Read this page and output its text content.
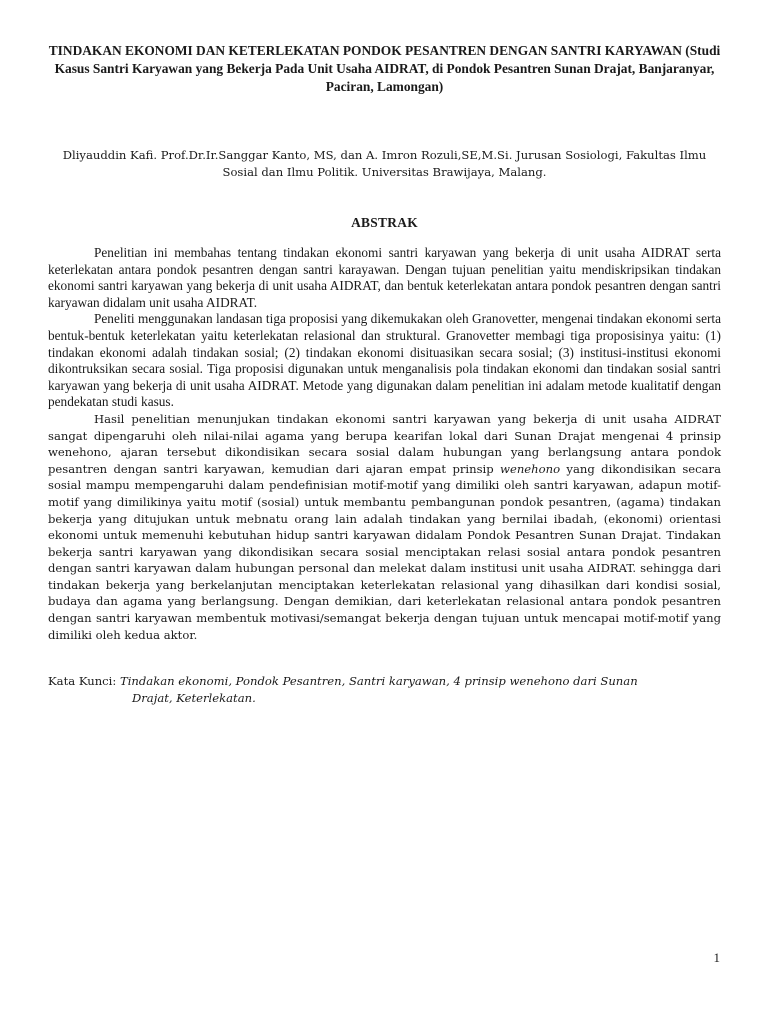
TINDAKAN EKONOMI DAN KETERLEKATAN PONDOK PESANTREN DENGAN SANTRI KARYAWAN (Studi Kasus Santri Karyawan yang Bekerja Pada Unit Usaha AIDRAT, di Pondok Pesantren Sunan Drajat, Banjaranyar, Paciran, Lamongan)

Dliyauddin Kafi. Prof.Dr.Ir.Sanggar Kanto, MS, dan A. Imron Rozuli,SE,M.Si. Jurusan Sosiologi, Fakultas Ilmu Sosial dan Ilmu Politik. Universitas Brawijaya, Malang.

ABSTRAK

Penelitian ini membahas tentang tindakan ekonomi santri karyawan yang bekerja di unit usaha AIDRAT serta keterlekatan antara pondok pesantren dengan santri karayawan. Dengan tujuan penelitian yaitu mendiskripsikan tindakan ekonomi santri karyawan yang bekerja di unit usaha AIDRAT, dan bentuk keterlekatan antara pondok pesantren dengan santri karyawan didalam unit usaha AIDRAT.

Peneliti menggunakan landasan tiga proposisi yang dikemukakan oleh Granovetter, mengenai tindakan ekonomi serta bentuk-bentuk keterlekatan yaitu keterlekatan relasional dan struktural. Granovetter membagi tiga proposisinya yaitu: (1) tindakan ekonomi adalah tindakan sosial; (2) tindakan ekonomi disituasikan secara sosial; (3) institusi-institusi ekonomi dikontruksikan secara sosial. Tiga proposisi digunakan untuk menganalisis pola tindakan ekonomi dan tindakan sosial santri karyawan yang bekerja di unit usaha AIDRAT. Metode yang digunakan dalam penelitian ini adalam metode kualitatif dengan pendekatan studi kasus.

Hasil penelitian menunjukan tindakan ekonomi santri karyawan yang bekerja di unit usaha AIDRAT sangat dipengaruhi oleh nilai-nilai agama yang berupa kearifan lokal dari Sunan Drajat mengenai 4 prinsip wenehono, ajaran tersebut dikondisikan secara sosial dalam hubungan yang berlangsung antara pondok pesantren dengan santri karyawan, kemudian dari ajaran empat prinsip wenehono yang dikondisikan secara sosial mampu mempengaruhi dalam pendefinisian motif-motif yang dimiliki oleh santri karyawan, adapun motif-motif yang dimilikinya yaitu motif (sosial) untuk membantu pembangunan pondok pesantren, (agama) tindakan bekerja yang ditujukan untuk mebnatu orang lain adalah tindakan yang bernilai ibadah, (ekonomi) orientasi ekonomi untuk memenuhi kebutuhan hidup santri karyawan didalam Pondok Pesantren Sunan Drajat. Tindakan bekerja santri karyawan yang dikondisikan secara sosial menciptakan relasi sosial antara pondok pesantren dengan santri karyawan dalam hubungan personal dan melekat dalam institusi unit usaha AIDRAT. sehingga dari tindakan bekerja yang berkelanjutan menciptakan keterlekatan relasional yang dihasilkan dari kondisi sosial, budaya dan agama yang berlangsung. Dengan demikian, dari keterlekatan relasional antara pondok pesantren dengan santri karyawan membentuk motivasi/semangat bekerja dengan tujuan untuk mencapai motif-motif yang dimiliki oleh kedua aktor.

Kata Kunci: Tindakan ekonomi, Pondok Pesantren, Santri karyawan, 4 prinsip wenehono dari Sunan
Drajat, Keterlekatan.
1
